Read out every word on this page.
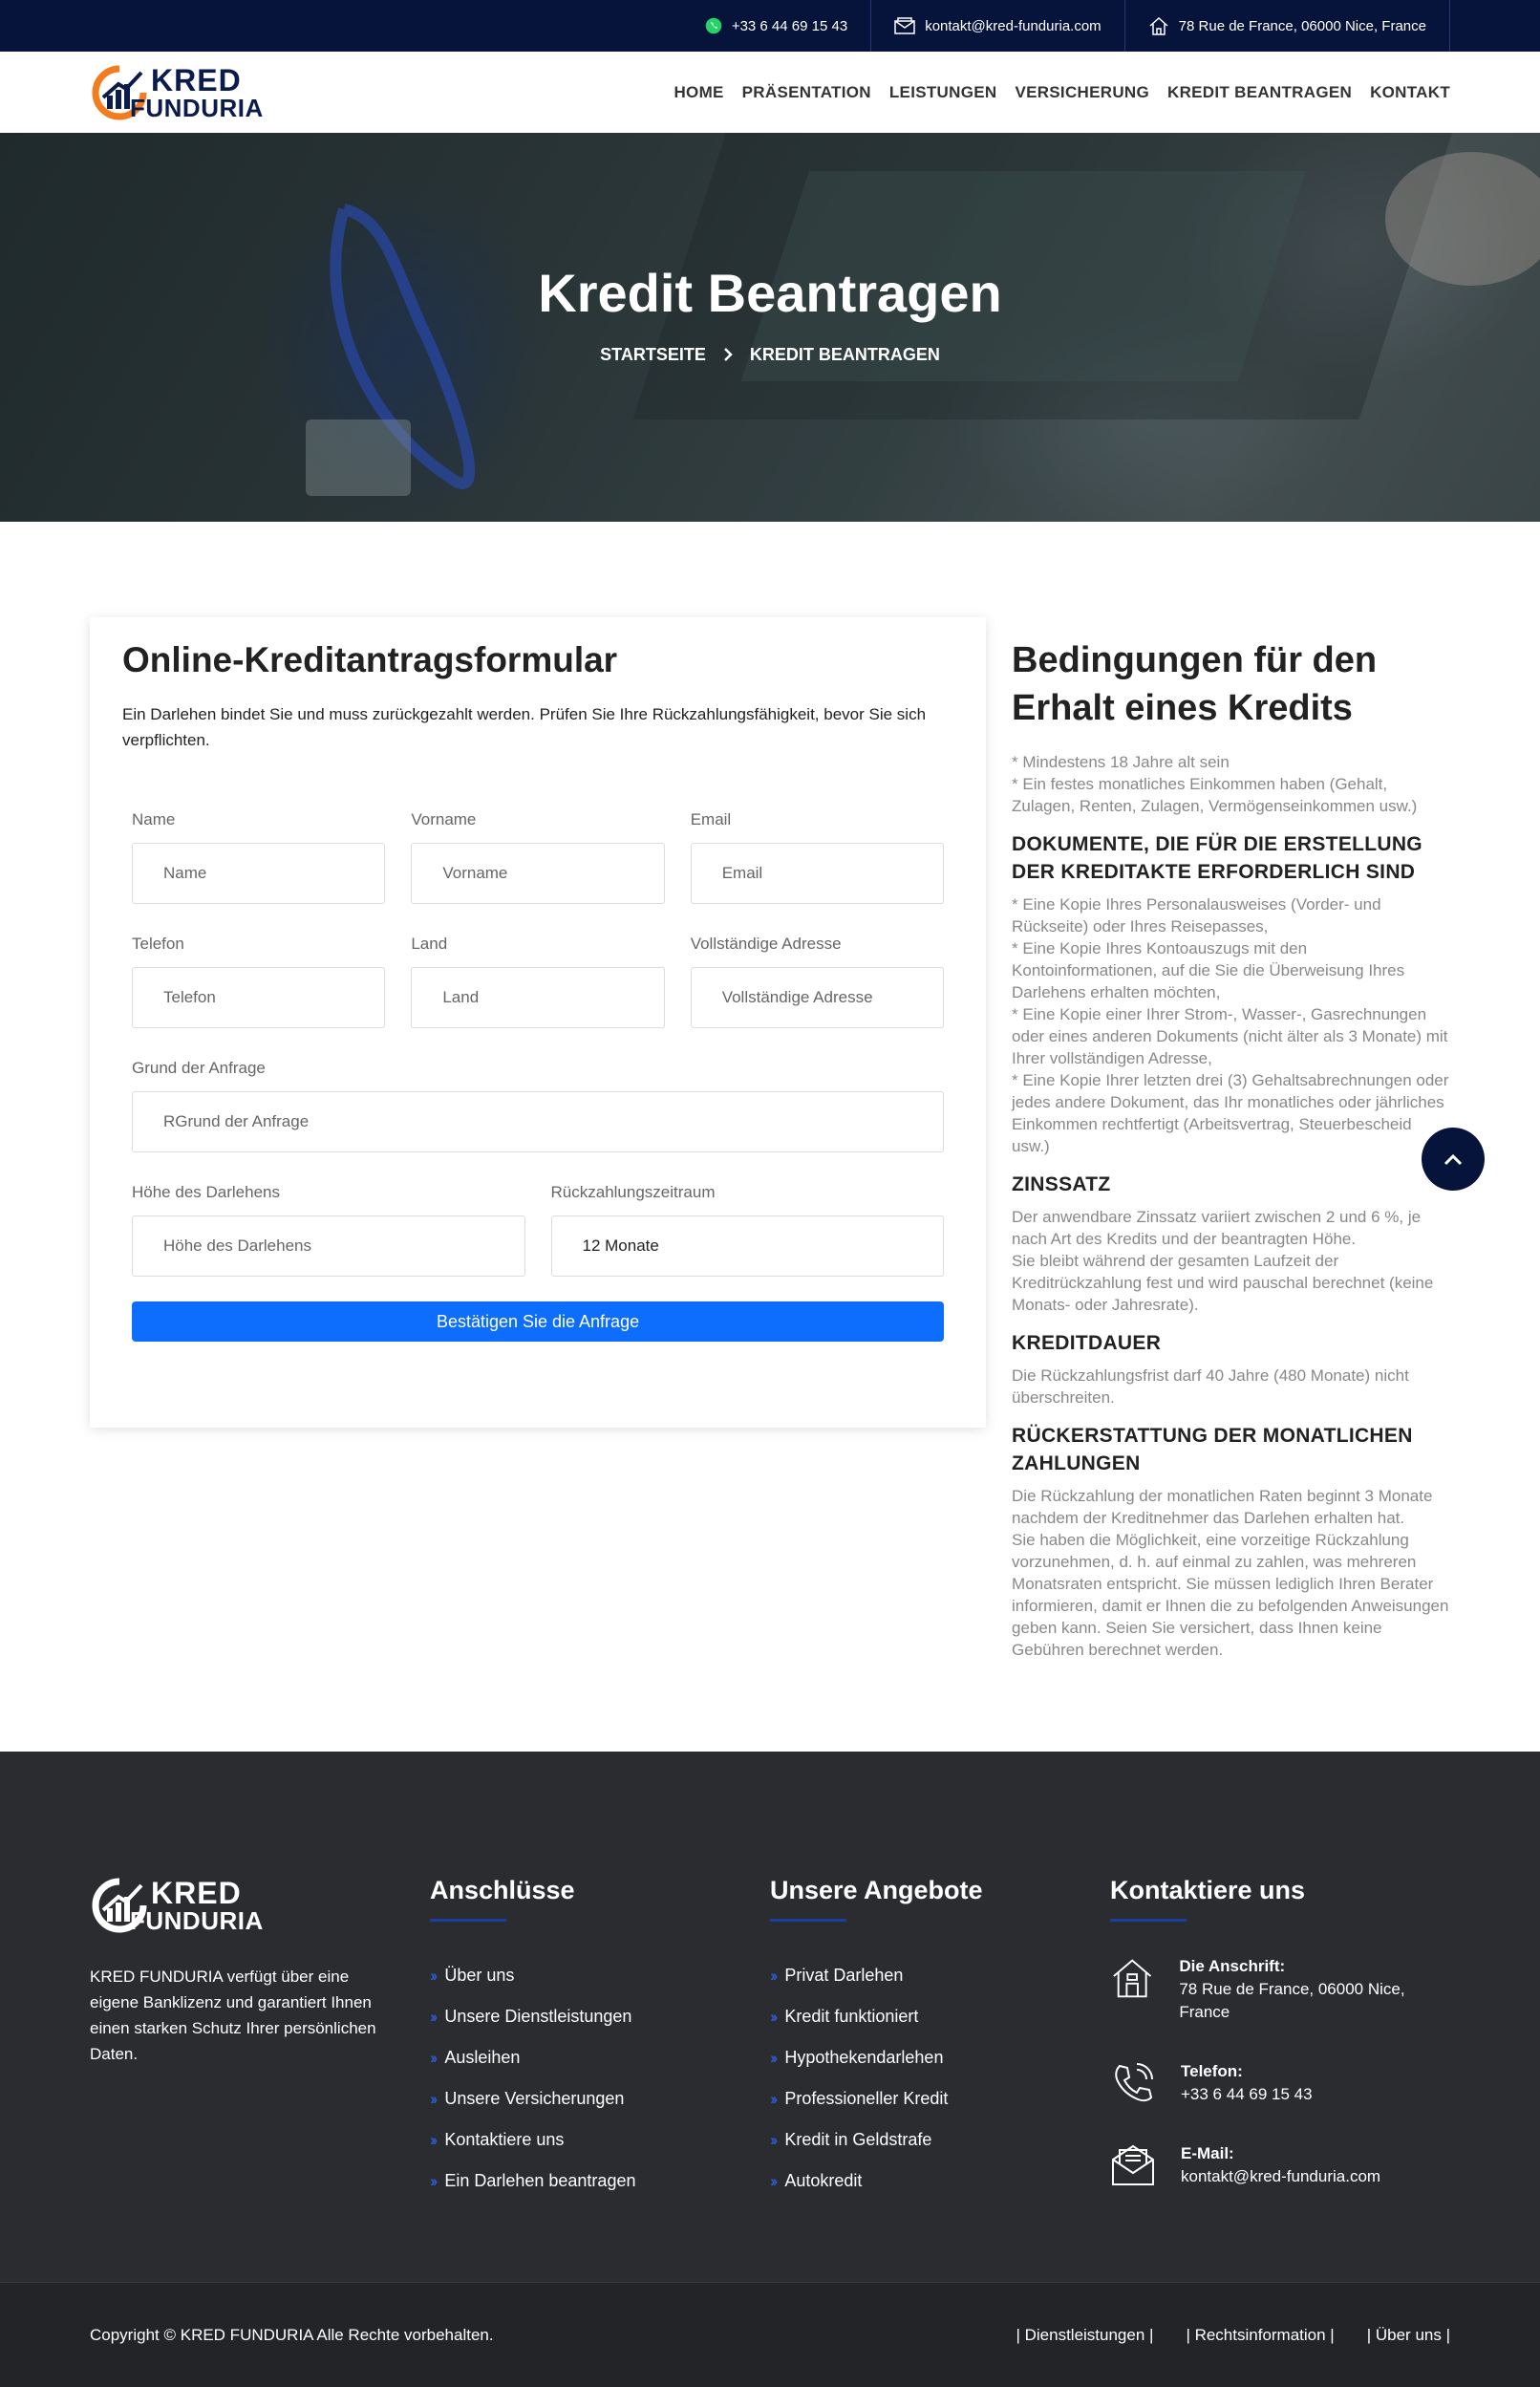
+33 6 44 69 15 43	kontakt@kred-funduria.com	78 Rue de France, 06000 Nice, France
KRED
FUNDURIA
HOME PRÄSENTATION LEISTUNGEN VERSICHERUNG KREDIT BEANTRAGEN KONTAKT
Kredit Beantragen
STARTSEITE	KREDIT BEANTRAGEN
Online-Kreditantragsformular

Ein Darlehen bindet Sie und muss zurückgezahlt werden. Prüfen Sie Ihre Rückzahlungsfähigkeit, bevor Sie sich verpflichten.

Name
Name
Vorname
Vorname
Email
Email
Telefon
Telefon
Land
Land
Vollständige Adresse
Vollständige Adresse
Grund der Anfrage
RGrund der Anfrage
Höhe des Darlehens
Höhe des Darlehens
Rückzahlungszeitraum
12 Monate
Bestätigen Sie die Anfrage
Bedingungen für den Erhalt eines Kredits
* Mindestens 18 Jahre alt sein
* Ein festes monatliches Einkommen haben (Gehalt, Zulagen, Renten, Zulagen, Vermögenseinkommen usw.)
DOKUMENTE, DIE FÜR DIE ERSTELLUNG DER KREDITAKTE ERFORDERLICH SIND
* Eine Kopie Ihres Personalausweises (Vorder- und Rückseite) oder Ihres Reisepasses,
* Eine Kopie Ihres Kontoauszugs mit den Kontoinformationen, auf die Sie die Überweisung Ihres Darlehens erhalten möchten,
* Eine Kopie einer Ihrer Strom-, Wasser-, Gasrechnungen oder eines anderen Dokuments (nicht älter als 3 Monate) mit Ihrer vollständigen Adresse,
* Eine Kopie Ihrer letzten drei (3) Gehaltsabrechnungen oder jedes andere Dokument, das Ihr monatliches oder jährliches Einkommen rechtfertigt (Arbeitsvertrag, Steuerbescheid usw.)
ZINSSATZ
Der anwendbare Zinssatz variiert zwischen 2 und 6 %, je nach Art des Kredits und der beantragten Höhe.
Sie bleibt während der gesamten Laufzeit der Kreditrückzahlung fest und wird pauschal berechnet (keine Monats- oder Jahresrate).
KREDITDAUER
Die Rückzahlungsfrist darf 40 Jahre (480 Monate) nicht überschreiten.
RÜCKERSTATTUNG DER MONATLICHEN ZAHLUNGEN
Die Rückzahlung der monatlichen Raten beginnt 3 Monate nachdem der Kreditnehmer das Darlehen erhalten hat.
Sie haben die Möglichkeit, eine vorzeitige Rückzahlung vorzunehmen, d. h. auf einmal zu zahlen, was mehreren Monatsraten entspricht. Sie müssen lediglich Ihren Berater informieren, damit er Ihnen die zu befolgenden Anweisungen geben kann. Seien Sie versichert, dass Ihnen keine Gebühren berechnet werden.
KRED
FUNDURIA

KRED FUNDURIA verfügt über eine eigene Banklizenz und garantiert Ihnen einen starken Schutz Ihrer persönlichen Daten.

Anschlüsse
›› Über uns
›› Unsere Dienstleistungen
›› Ausleihen
›› Unsere Versicherungen
›› Kontaktiere uns
›› Ein Darlehen beantragen
Unsere Angebote
›› Privat Darlehen
›› Kredit funktioniert
›› Hypothekendarlehen
›› Professioneller Kredit
›› Kredit in Geldstrafe
›› Autokredit
Kontaktiere uns
Die Anschrift:
78 Rue de France, 06000 Nice, France
Telefon:
+33 6 44 69 15 43
E-Mail:
kontakt@kred-funduria.com
Copyright © KRED FUNDURIA Alle Rechte vorbehalten.	| Dienstleistungen | | Rechtsinformation | | Über uns |
